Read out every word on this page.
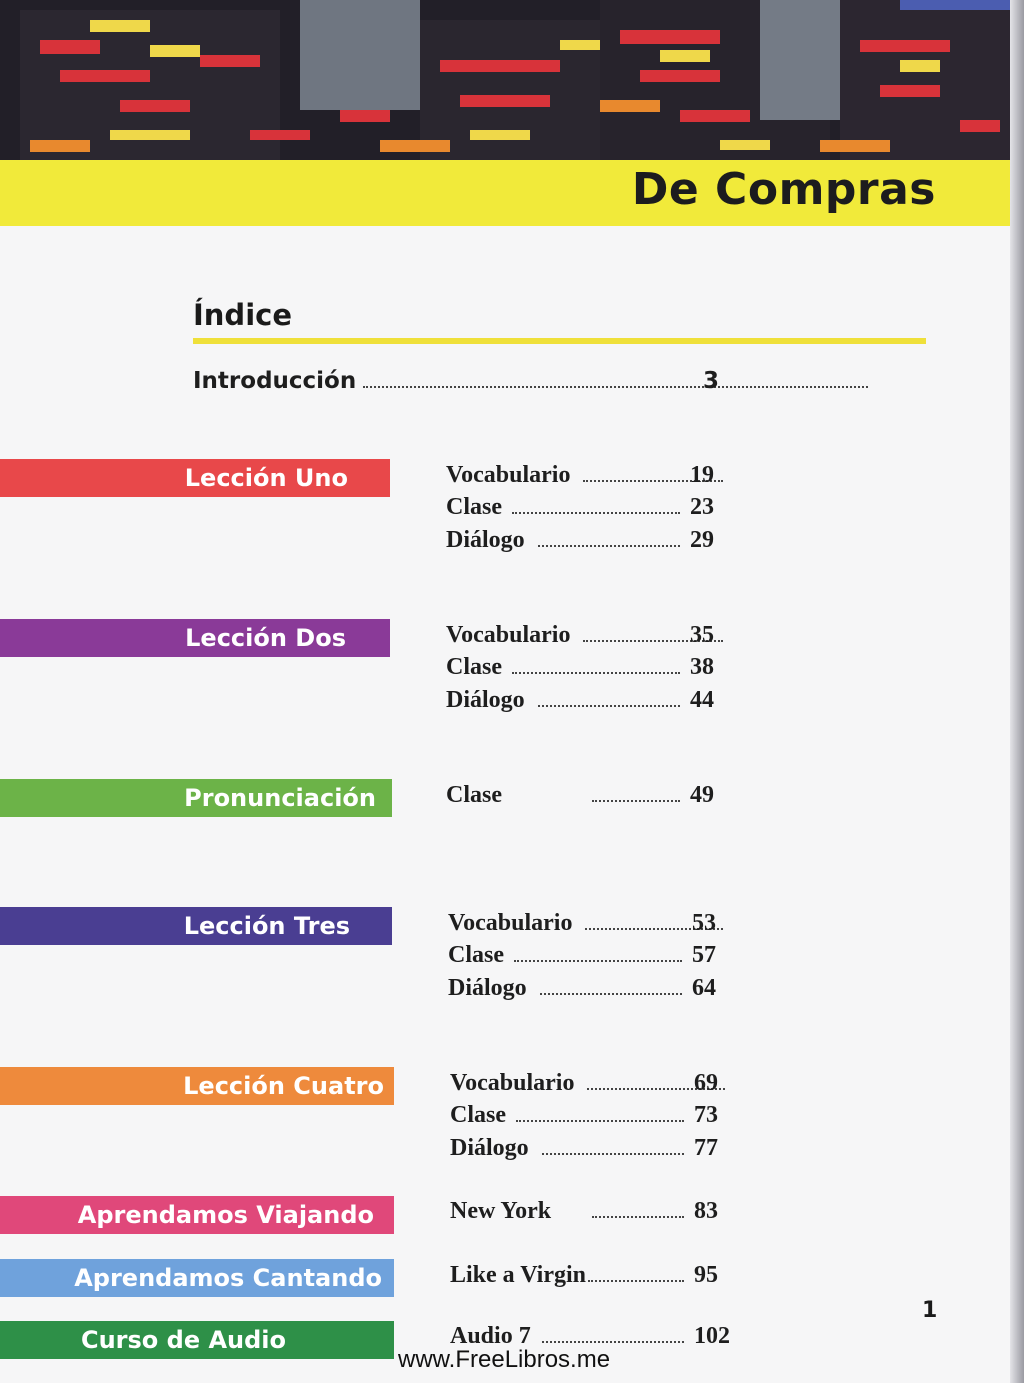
De Compras
Índice
Introducción	3
Lección Uno	Vocabulario	19
Clase	23
Diálogo	29
Lección Dos	Vocabulario	35
Clase	38
Diálogo	44
Pronunciación	Clase	49
Lección Tres	Vocabulario	53
Clase	57
Diálogo	64
Lección Cuatro	Vocabulario	69
Clase	73
Diálogo	77
Aprendamos Viajando	New York	83
Aprendamos Cantando	Like a Virgin	95
Curso de Audio	Audio 7	102
1
www.FreeLibros.me
